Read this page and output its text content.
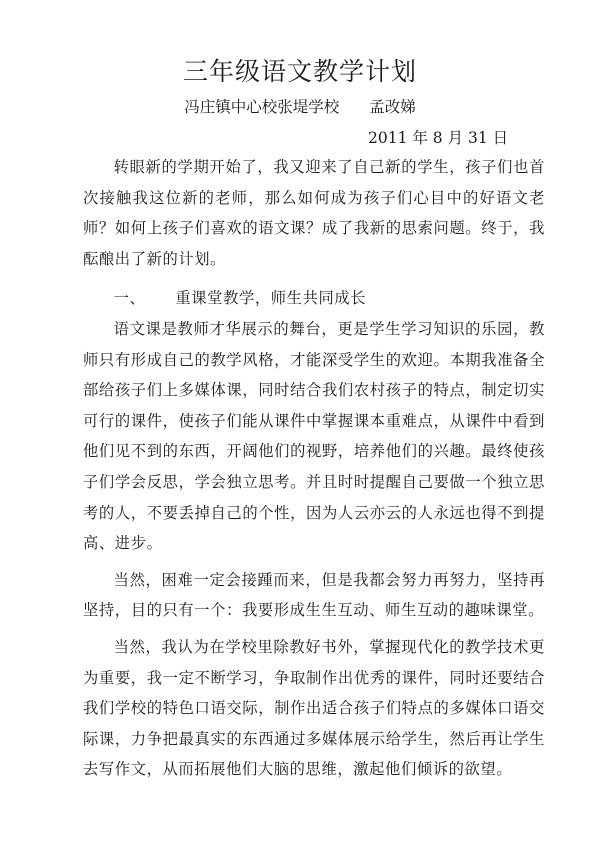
三年级语文教学计划
冯庄镇中心校张堤学校 孟改娣
2011 年 8 月 31 日

转眼新的学期开始了，我又迎来了自己新的学生，孩子们也首次接触我这位新的老师，那么如何成为孩子们心目中的好语文老师？如何上孩子们喜欢的语文课？成了我新的思索问题。终于，我酝酿出了新的计划。

一、 重课堂教学，师生共同成长

语文课是教师才华展示的舞台，更是学生学习知识的乐园，教师只有形成自己的教学风格，才能深受学生的欢迎。本期我准备全部给孩子们上多媒体课，同时结合我们农村孩子的特点，制定切实可行的课件，使孩子们能从课件中掌握课本重难点，从课件中看到他们见不到的东西，开阔他们的视野，培养他们的兴趣。最终使孩子们学会反思，学会独立思考。并且时时提醒自己要做一个独立思考的人，不要丢掉自己的个性，因为人云亦云的人永远也得不到提高、进步。

当然，困难一定会接踵而来，但是我都会努力再努力，坚持再坚持，目的只有一个：我要形成生生互动、师生互动的趣味课堂。

当然，我认为在学校里除教好书外，掌握现代化的教学技术更为重要，我一定不断学习，争取制作出优秀的课件，同时还要结合我们学校的特色口语交际，制作出适合孩子们特点的多媒体口语交际课，力争把最真实的东西通过多媒体展示给学生，然后再让学生去写作文，从而拓展他们大脑的思维，激起他们倾诉的欲望。
